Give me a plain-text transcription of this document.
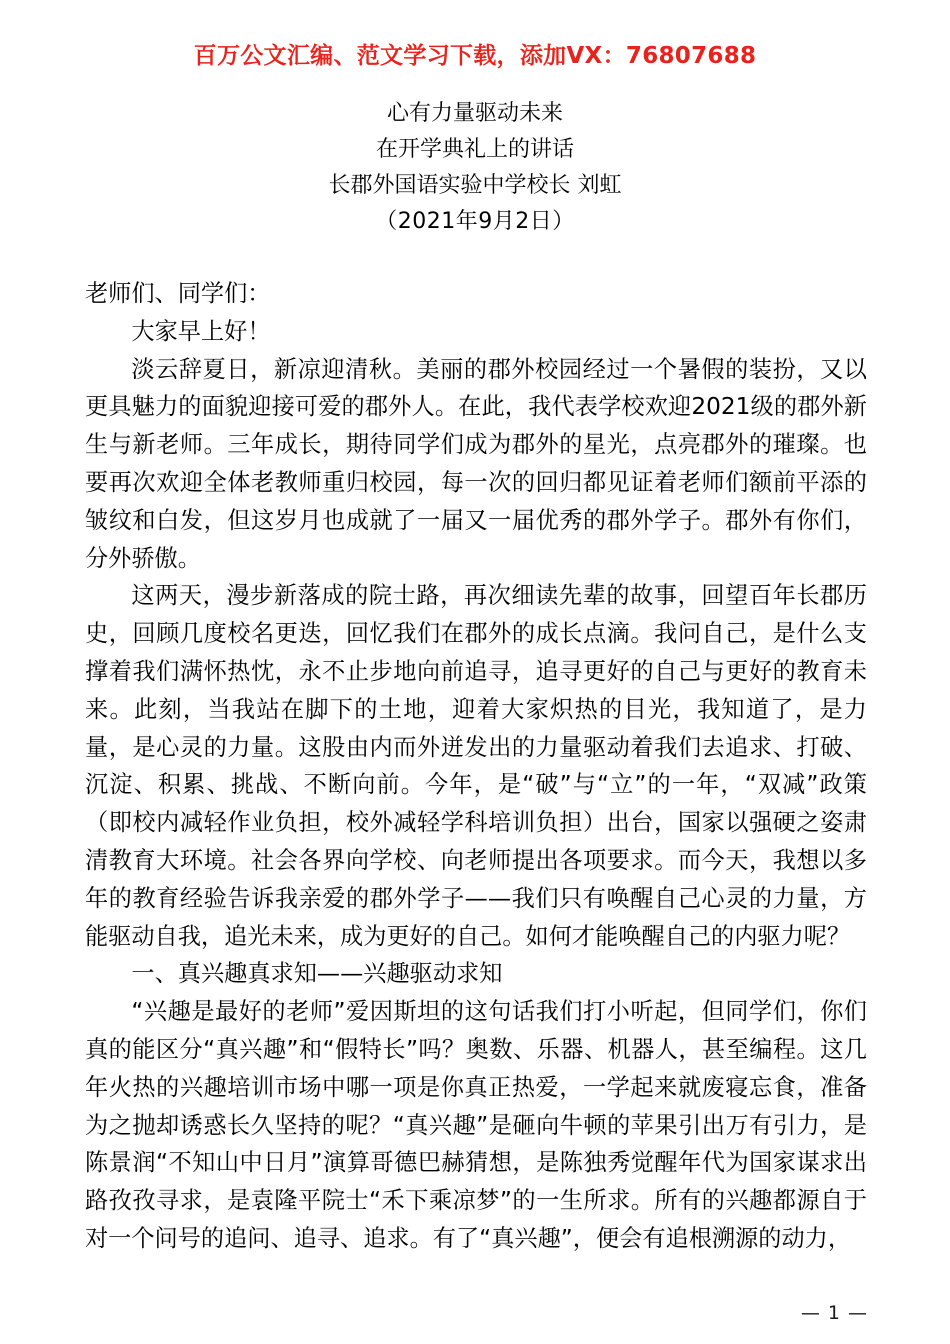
百万公文汇编、范文学习下载，添加VX：76807688
心有力量驱动未来
在开学典礼上的讲话
长郡外国语实验中学校长 刘虹
（2021年9月2日）

老师们、同学们：

大家早上好！

淡云辞夏日，新凉迎清秋。美丽的郡外校园经过一个暑假的装扮，又以更具魅力的面貌迎接可爱的郡外人。在此，我代表学校欢迎2021级的郡外新生与新老师。三年成长，期待同学们成为郡外的星光，点亮郡外的璀璨。也要再次欢迎全体老教师重归校园，每一次的回归都见证着老师们额前平添的皱纹和白发，但这岁月也成就了一届又一届优秀的郡外学子。郡外有你们，分外骄傲。

这两天，漫步新落成的院士路，再次细读先辈的故事，回望百年长郡历史，回顾几度校名更迭，回忆我们在郡外的成长点滴。我问自己，是什么支撑着我们满怀热忱，永不止步地向前追寻，追寻更好的自己与更好的教育未来。此刻，当我站在脚下的土地，迎着大家炽热的目光，我知道了，是力量，是心灵的力量。这股由内而外迸发出的力量驱动着我们去追求、打破、沉淀、积累、挑战、不断向前。今年，是“破”与“立”的一年，“双减”政策（即校内减轻作业负担，校外减轻学科培训负担）出台，国家以强硬之姿肃清教育大环境。社会各界向学校、向老师提出各项要求。而今天，我想以多年的教育经验告诉我亲爱的郡外学子——我们只有唤醒自己心灵的力量，方能驱动自我，追光未来，成为更好的自己。如何才能唤醒自己的内驱力呢？

一、真兴趣真求知——兴趣驱动求知

“兴趣是最好的老师”爱因斯坦的这句话我们打小听起，但同学们，你们真的能区分“真兴趣”和“假特长”吗？奥数、乐器、机器人，甚至编程。这几年火热的兴趣培训市场中哪一项是你真正热爱，一学起来就废寝忘食，准备为之抛却诱惑长久坚持的呢？“真兴趣”是砸向牛顿的苹果引出万有引力，是陈景润“不知山中日月”演算哥德巴赫猜想，是陈独秀觉醒年代为国家谋求出路孜孜寻求，是袁隆平院士“禾下乘凉梦”的一生所求。所有的兴趣都源自于对一个问号的追问、追寻、追求。有了“真兴趣”，便会有追根溯源的动力，

— 1 —
